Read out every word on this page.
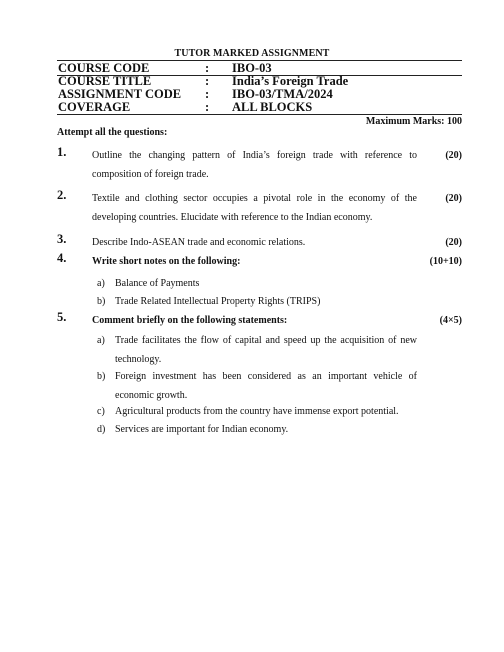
TUTOR MARKED ASSIGNMENT
COURSE CODE	: IBO-03
COURSE TITLE	: India’s Foreign Trade
ASSIGNMENT CODE : IBO-03/TMA/2024
COVERAGE	: ALL BLOCKS
Maximum Marks: 100
Attempt all the questions:
1.	Outline the changing pattern of India’s foreign trade with reference to composition of foreign trade.
(20)
2.	Textile and clothing sector occupies a pivotal role in the economy of the developing countries. Elucidate with reference to the Indian economy.
(20)
3.	Describe Indo-ASEAN trade and economic relations.	(20)
4.	Write short notes on the following:	(10+10)
a) Balance of Payments
b) Trade Related Intellectual Property Rights (TRIPS)
5.	Comment briefly on the following statements:	(4×5)
a) Trade facilitates the flow of capital and speed up the acquisition of new technology.
b) Foreign investment has been considered as an important vehicle of economic growth.
c) Agricultural products from the country have immense export potential.
d) Services are important for Indian economy.
